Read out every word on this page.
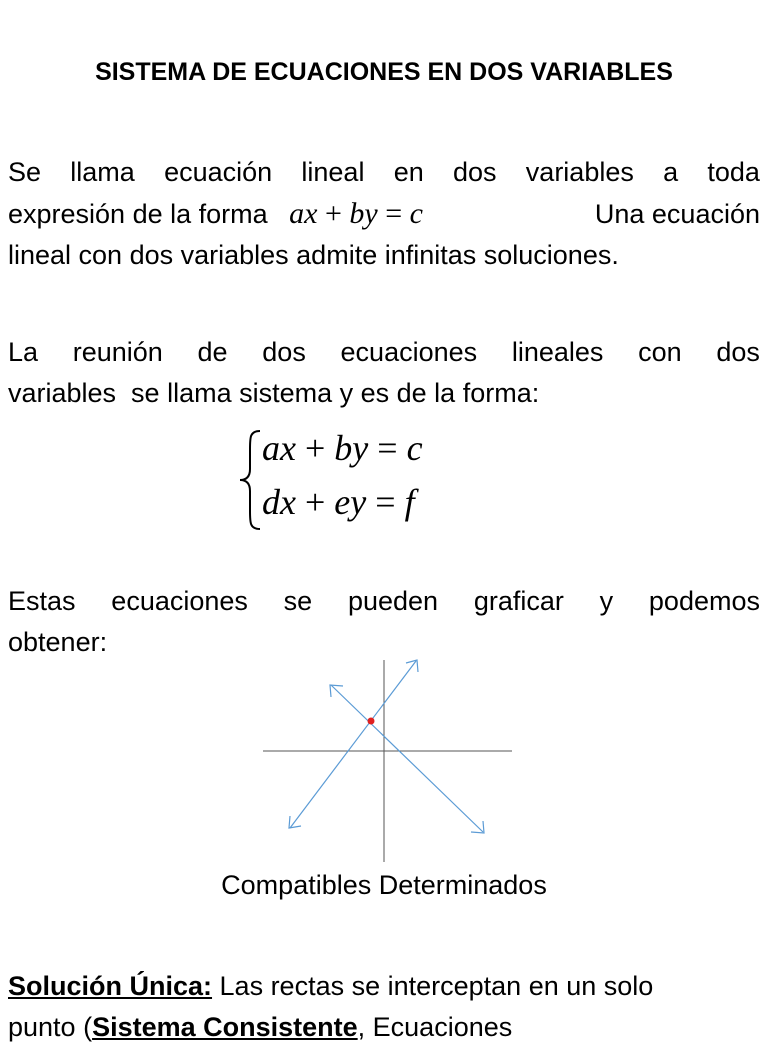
SISTEMA DE ECUACIONES EN DOS VARIABLES
Se llama ecuación lineal en dos variables a toda
expresión de la forma ax + by = c	Una ecuación
lineal con dos variables admite infinitas soluciones.
La reunión de dos ecuaciones lineales con dos
variables  se llama sistema y es de la forma:
ax + by = c
dx + ey = f
Estas ecuaciones se pueden graficar y podemos
obtener:
Compatibles Determinados
Solución Única: Las rectas se interceptan en un solo
punto (Sistema Consistente, Ecuaciones
